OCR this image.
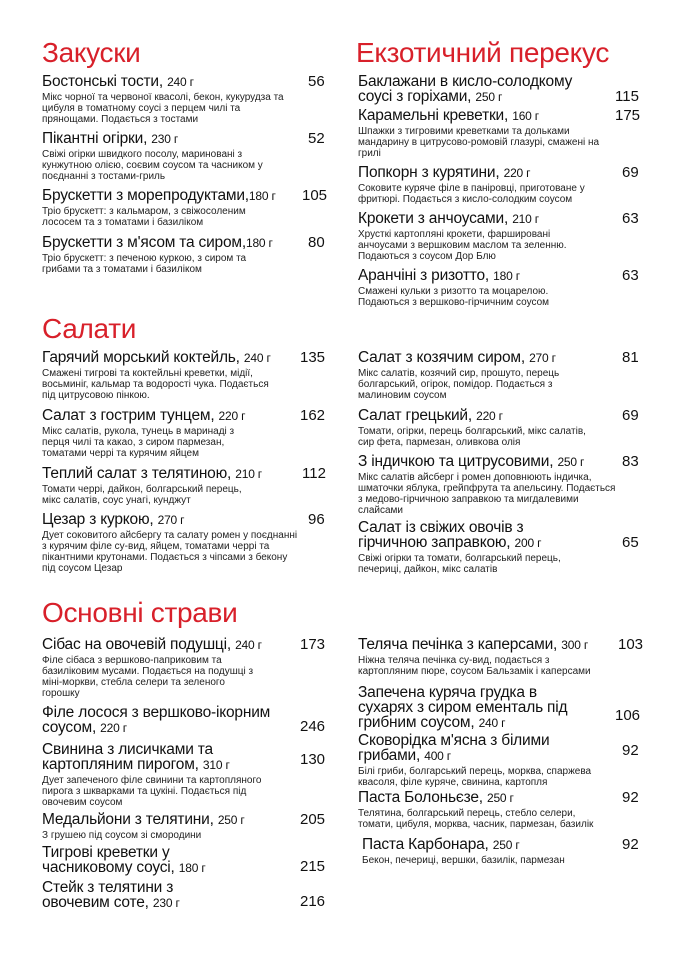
Закуски	Екзотичний перекус
Салати
Основні страви
Бостонські тости, 240 г
Мікс чорної та червоної квасолі, бекон, кукурудза та цибуля в томатному соусі з перцем чилі та прянощами. Подається з тостами
56
Пікантні огірки, 230 г
Свіжі огірки швидкого посолу, мариновані з кунжутною олією, соєвим соусом та часником у поєднанні з тостами-гриль
52
Брускетти з морепродуктами,180 г
Тріо брускетт: з кальмаром, з свіжосоленим лососем та з томатами і базиліком
105
Брускетти з м'ясом та сиром,180 г
Тріо брускетт: з печеною куркою, з сиром та грибами та з томатами і базиліком
80
Баклажани в кисло-солодкому соусі з горіхами, 250 г	115
Карамельні креветки, 160 г
Шпажки з тигровими креветками та дольками мандарину в цитрусово-ромовій глазурі, смажені на грилі
175
Попкорн з курятини, 220 г
Соковите куряче філе в паніровці, приготоване у фритюрі. Подається з кисло-солодким соусом
69
Крокети з анчоусами, 210 г
Хрусткі картопляні крокети, фаршировані анчоусами з вершковим маслом та зеленню. Подаються з соусом Дор Блю
63
Аранчіні з ризотто, 180 г
Смажені кульки з ризотто та моцарелою. Подаються з вершково-гірчичним соусом
63
Гарячий морський коктейль, 240 г
Смажені тигрові та коктейльні креветки, мідії, восьминіг, кальмар та водорості чука. Подається під цитрусовою пінкою.
135
Салат з гострим тунцем, 220 г
Мікс салатів, рукола, тунець в маринаді з перця чилі та какао, з сиром пармезан, томатами черрі та курячим яйцем
162
Теплий салат з телятиною, 210 г
Томати черрі, дайкон, болгарський перець, мікс салатів, соус унагі, кунджут
112
Цезар з куркою, 270 г
Дует соковитого айсбергу та салату ромен у поєднанні з курячим філе су-вид, яйцем, томатами черрі та пікантними крутонами. Подається з чіпсами з бекону під соусом Цезар
96
Салат з козячим сиром, 270 г
Мікс салатів, козячий сир, прошуто, перець болгарський, огірок, помідор. Подається з малиновим соусом
81
Салат грецький, 220 г
Томати, огірки, перець болгарський, мікс салатів, сир фета, пармезан, оливкова олія
69
З індичкою та цитрусовими, 250 г
Мікс салатів айсберг і ромен доповнюють індичка, шматочки яблука, грейпфрута та апельсину. Подається з медово-гірчичною заправкою та мигдалевими слайсами
83
Салат із свіжих овочів з гірчичною заправкою, 200 г
Свіжі огірки та томати, болгарський перець, печериці, дайкон, мікс салатів
65
Сібас на овочевій подушці, 240 г
Філе сібаса з вершково-паприковим та базиліковим мусами. Подається на подушці з міні-моркви, стебла селери та зеленого горошку
173
Філе лосося з вершково-ікорним соусом, 220 г	246
Свинина з лисичками та картопляним пирогом, 310 г
Дует запеченого філе свинини та картопляного пирога з шкварками та цукіні. Подається під овочевим соусом
130
Медальйони з телятини, 250 г
З грушею під соусом зі смородини
205
Тигрові креветки у часниковому соусі, 180 г	215
Стейк з телятини з овочевим соте, 230 г	216
Теляча печінка з каперсами, 300 г
Ніжна теляча печінка су-вид, подається з картопляним пюре, соусом Бальзамік і каперсами
103
Запечена куряча грудка в сухарях з сиром ементаль під грибним соусом, 240 г	106
Сковорідка м'ясна з білими грибами, 400 г
Білі гриби, болгарський перець, морква, спаржева квасоля, філе куряче, свинина, картопля
92
Паста Болоньєзе, 250 г
Телятина, болгарський перець, стебло селери, томати, цибуля, морква, часник, пармезан, базилік
92
Паста Карбонара, 250 г
Бекон, печериці, вершки, базилік, пармезан
92
